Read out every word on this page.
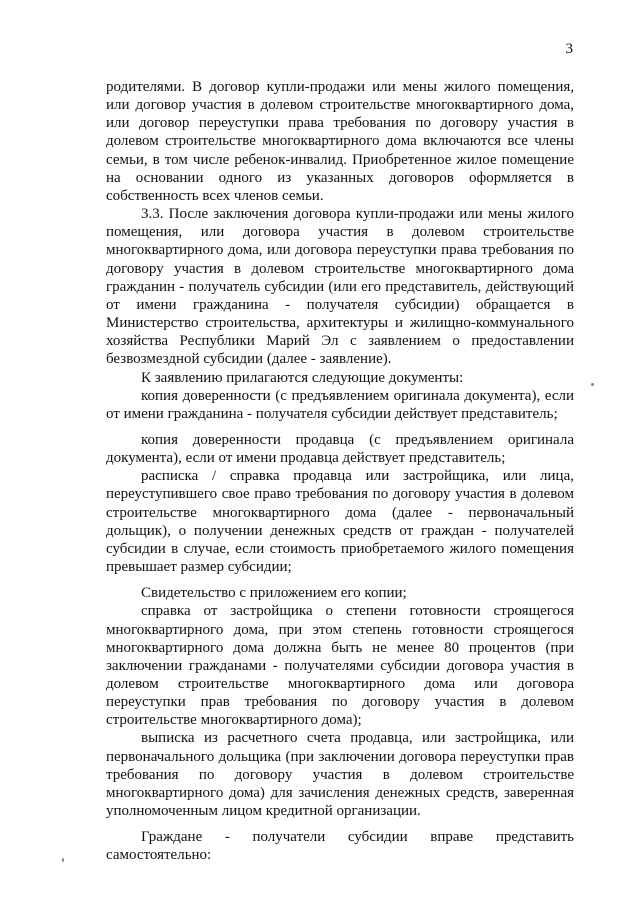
3

родителями. В договор купли-продажи или мены жилого помещения, или договор участия в долевом строительстве многоквартирного дома, или договор переуступки права требования по договору участия в долевом строительстве многоквартирного дома включаются все члены семьи, в том числе ребенок-инвалид. Приобретенное жилое помещение на основании одного из указанных договоров оформляется в собственность всех членов семьи.

3.3. После заключения договора купли-продажи или мены жилого помещения, или договора участия в долевом строительстве многоквартирного дома, или договора переуступки права требования по договору участия в долевом строительстве многоквартирного дома гражданин - получатель субсидии (или его представитель, действующий от имени гражданина - получателя субсидии) обращается в Министерство строительства, архитектуры и жилищно-коммунального хозяйства Республики Марий Эл с заявлением о предоставлении безвозмездной субсидии (далее - заявление).

К заявлению прилагаются следующие документы:

копия доверенности (с предъявлением оригинала документа), если от имени гражданина - получателя субсидии действует представитель;

копия доверенности продавца (с предъявлением оригинала документа), если от имени продавца действует представитель;

расписка / справка продавца или застройщика, или лица, переуступившего свое право требования по договору участия в долевом строительстве многоквартирного дома (далее - первоначальный дольщик), о получении денежных средств от граждан - получателей субсидии в случае, если стоимость приобретаемого жилого помещения превышает размер субсидии;

Свидетельство с приложением его копии;

справка от застройщика о степени готовности строящегося многоквартирного дома, при этом степень готовности строящегося многоквартирного дома должна быть не менее 80 процентов (при заключении гражданами - получателями субсидии договора участия в долевом строительстве многоквартирного дома или договора переуступки прав требования по договору участия в долевом строительстве многоквартирного дома);

выписка из расчетного счета продавца, или застройщика, или первоначального дольщика (при заключении договора переуступки прав требования по договору участия в долевом строительстве многоквартирного дома) для зачисления денежных средств, заверенная уполномоченным лицом кредитной организации.

Граждане - получатели субсидии вправе представить самостоятельно:
